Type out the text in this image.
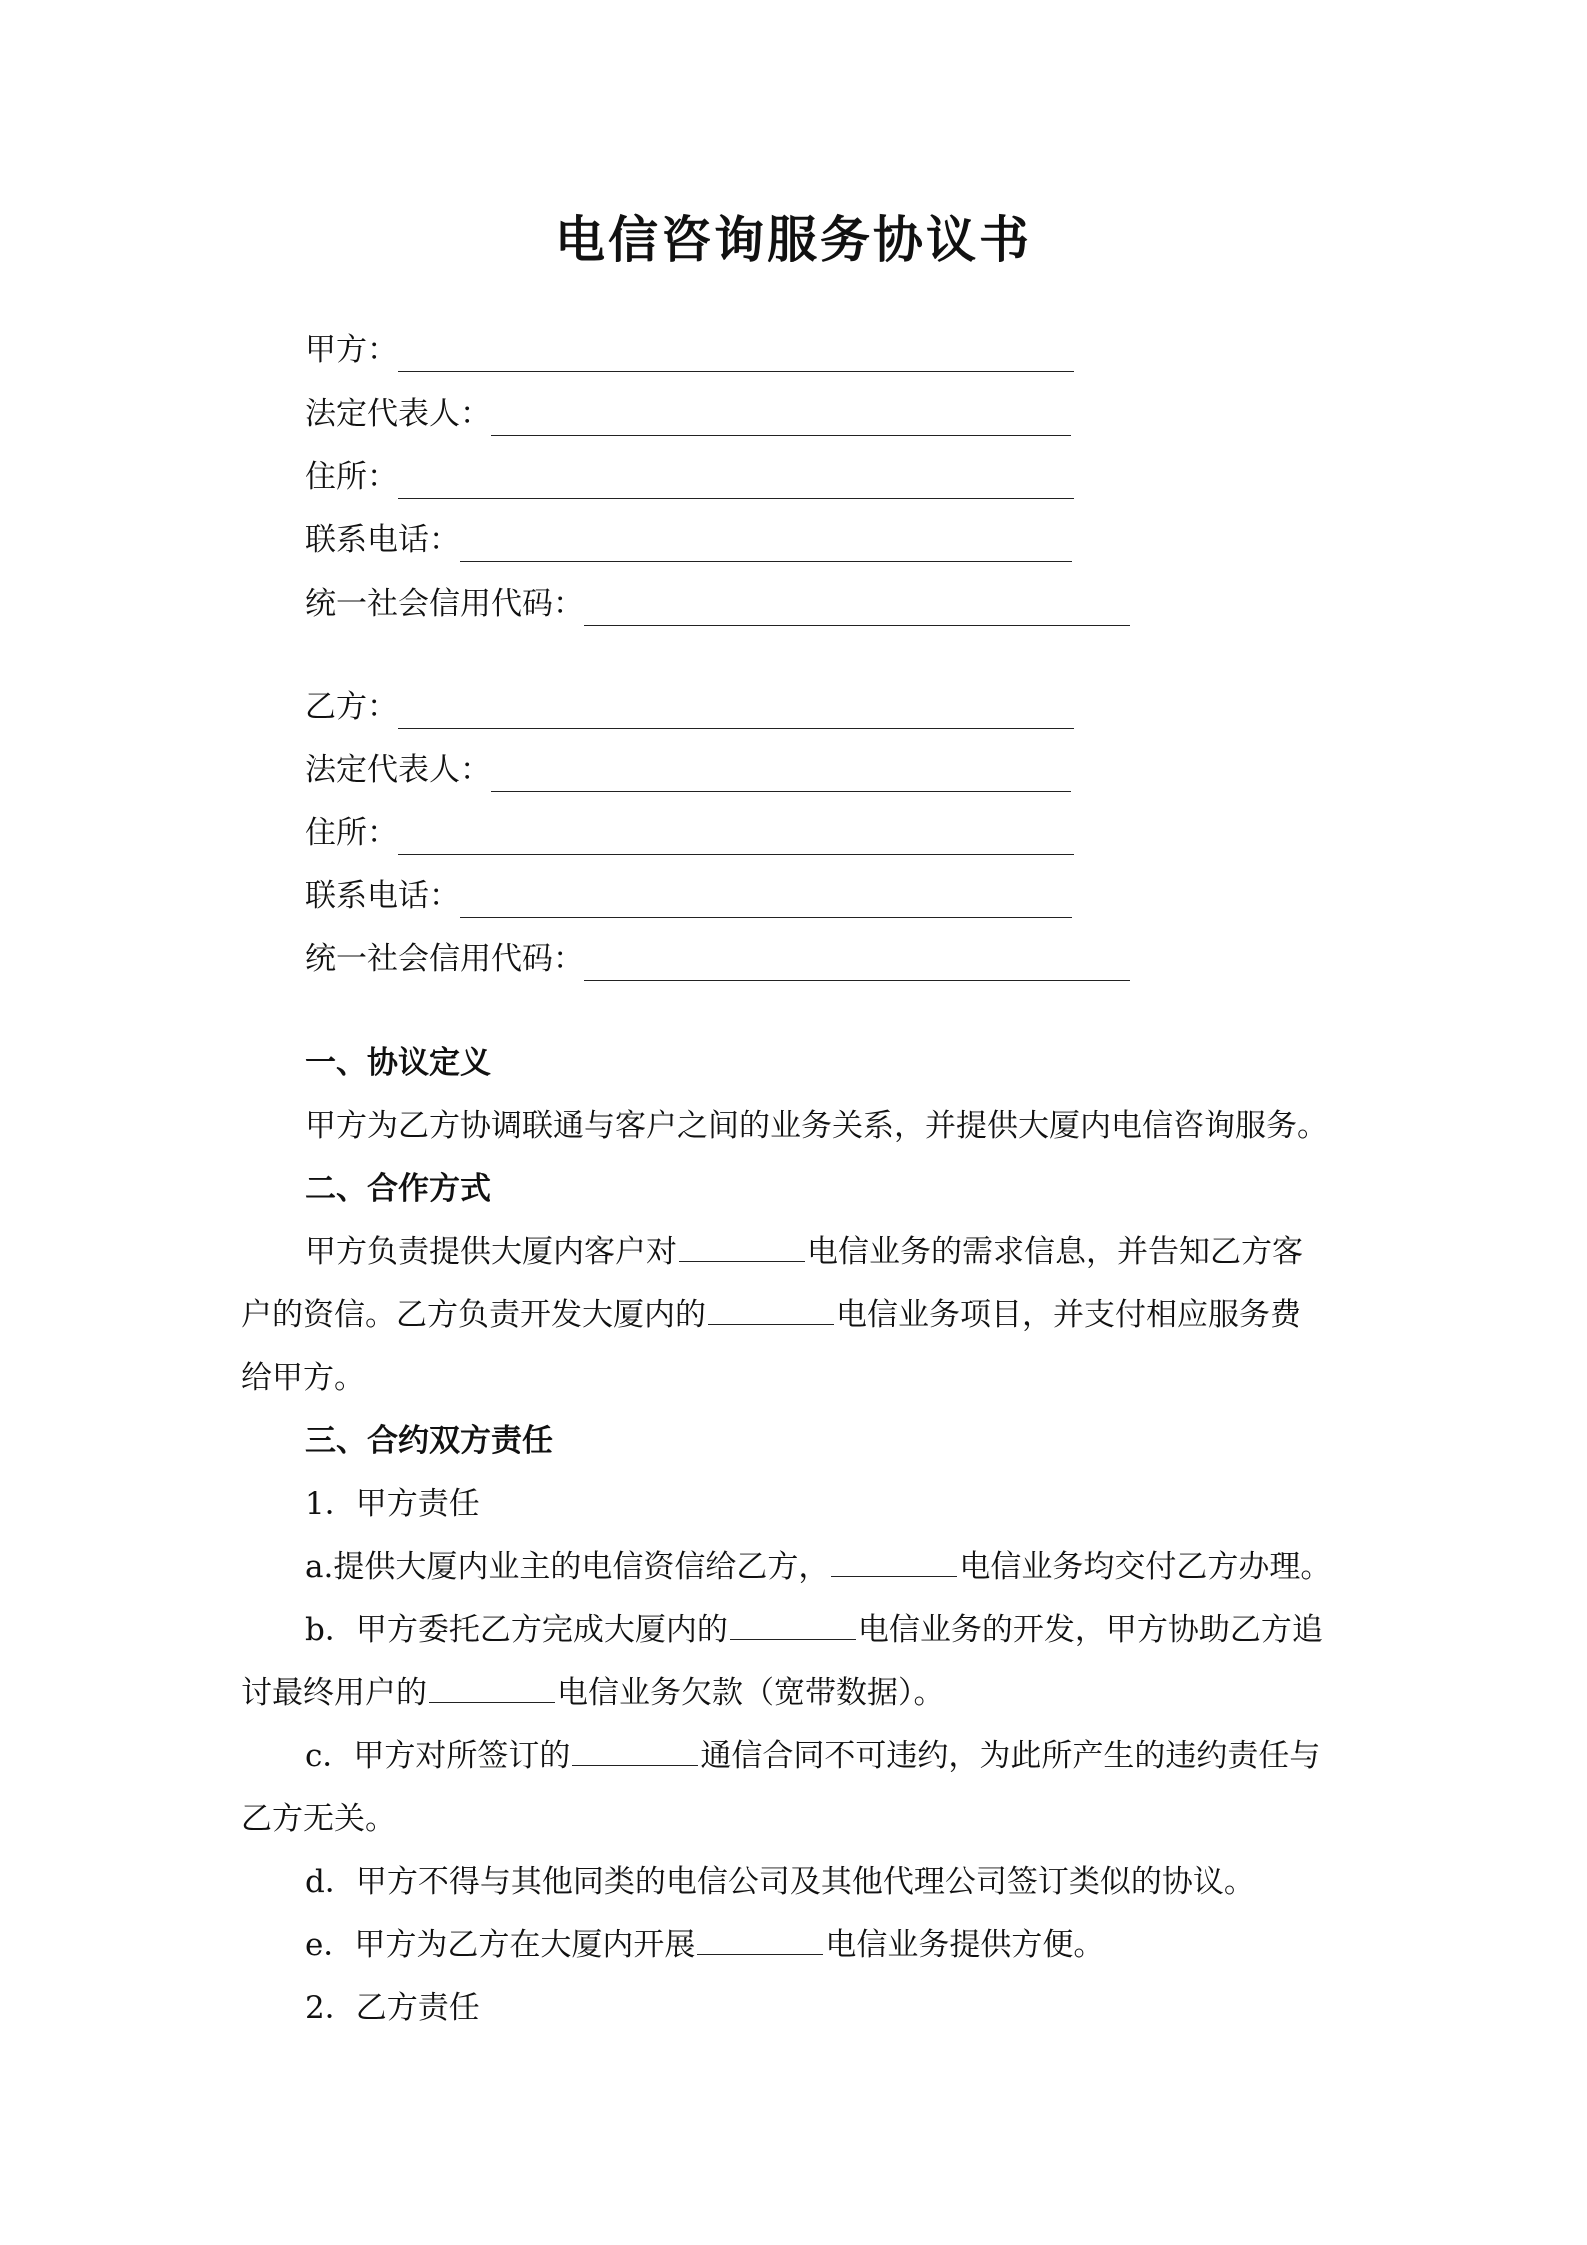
电信咨询服务协议书
甲方：
法定代表人：
住所：
联系电话：
统一社会信用代码：
乙方：
法定代表人：
住所：
联系电话：
统一社会信用代码：
一、协议定义
甲方为乙方协调联通与客户之间的业务关系，并提供大厦内电信咨询服务。
二、合作方式
甲方负责提供大厦内客户对	电信业务的需求信息，并告知乙方客
户的资信。乙方负责开发大厦内的	电信业务项目，并支付相应服务费
给甲方。
三、合约双方责任
1．甲方责任
a.提供大厦内业主的电信资信给乙方，	电信业务均交付乙方办理。
b．甲方委托乙方完成大厦内的	电信业务的开发，甲方协助乙方追
讨最终用户的	电信业务欠款（宽带数据）。
c．甲方对所签订的	通信合同不可违约，为此所产生的违约责任与
乙方无关。
d．甲方不得与其他同类的电信公司及其他代理公司签订类似的协议。
e．甲方为乙方在大厦内开展	电信业务提供方便。
2．乙方责任
